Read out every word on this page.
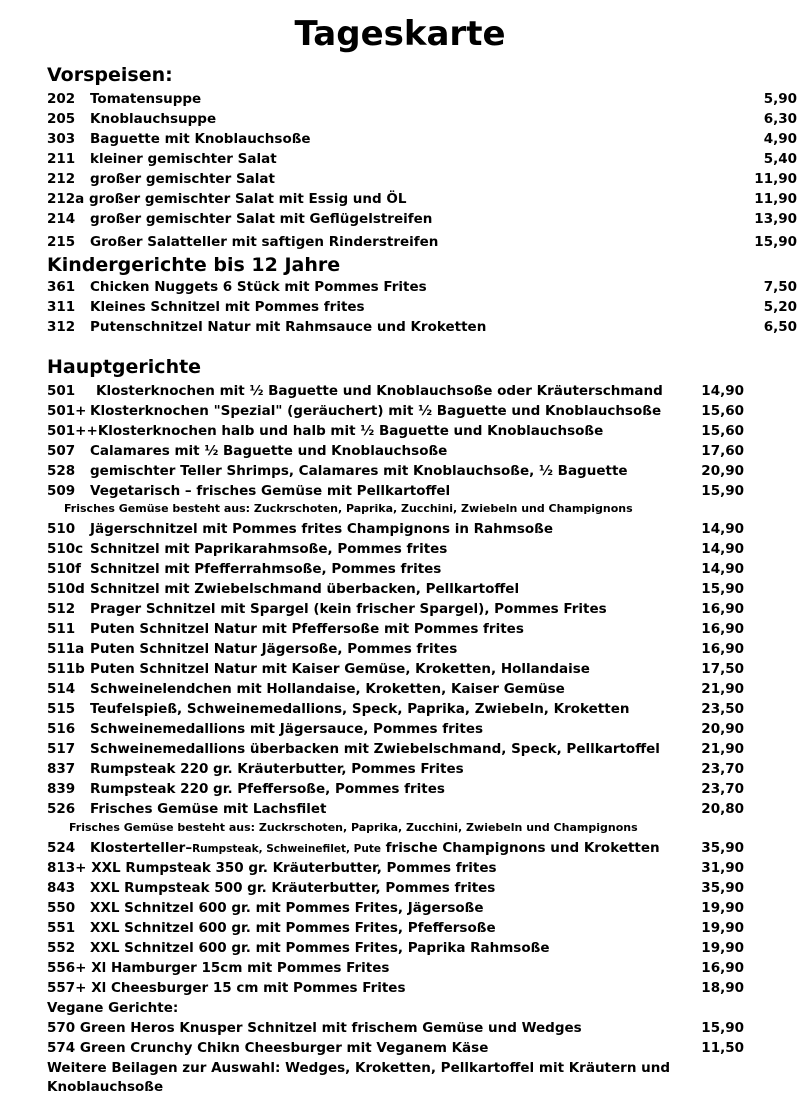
Tageskarte
Vorspeisen:
202 Tomatensuppe	5,90
205 Knoblauchsuppe	6,30
303 Baguette mit Knoblauchsoße	4,90
211 kleiner gemischter Salat	5,40
212 großer gemischter Salat	11,90
212a großer gemischter Salat mit Essig und ÖL	11,90
214 großer gemischter Salat mit Geflügelstreifen	13,90
215 Großer Salatteller mit saftigen Rinderstreifen	15,90
Kindergerichte bis 12 Jahre
361 Chicken Nuggets 6 Stück mit Pommes Frites	7,50
311 Kleines Schnitzel mit Pommes frites	5,20
312 Putenschnitzel Natur mit Rahmsauce und Kroketten	6,50
Hauptgerichte
501 Klosterknochen mit ½ Baguette und Knoblauchsoße oder Kräuterschmand	14,90
501+ Klosterknochen "Spezial" (geräuchert) mit ½ Baguette und Knoblauchsoße	15,60
501++Klosterknochen halb und halb mit ½ Baguette und Knoblauchsoße	15,60
507 Calamares mit ½ Baguette und Knoblauchsoße	17,60
528 gemischter Teller Shrimps, Calamares mit Knoblauchsoße, ½ Baguette	20,90
509 Vegetarisch – frisches Gemüse mit Pellkartoffel	15,90
Frisches Gemüse besteht aus: Zuckrschoten, Paprika, Zucchini, Zwiebeln und Champignons
510 Jägerschnitzel mit Pommes frites Champignons in Rahmsoße	14,90
510c Schnitzel mit Paprikarahmsoße, Pommes frites	14,90
510f Schnitzel mit Pfefferrahmsoße, Pommes frites	14,90
510d Schnitzel mit Zwiebelschmand überbacken, Pellkartoffel	15,90
512 Prager Schnitzel mit Spargel (kein frischer Spargel), Pommes Frites	16,90
511 Puten Schnitzel Natur mit Pfeffersoße mit Pommes frites	16,90
511a Puten Schnitzel Natur Jägersoße, Pommes frites	16,90
511b Puten Schnitzel Natur mit Kaiser Gemüse, Kroketten, Hollandaise	17,50
514 Schweinelendchen mit Hollandaise, Kroketten, Kaiser Gemüse	21,90
515 Teufelspieß, Schweinemedallions, Speck, Paprika, Zwiebeln, Kroketten	23,50
516 Schweinemedallions mit Jägersauce, Pommes frites	20,90
517 Schweinemedallions überbacken mit Zwiebelschmand, Speck, Pellkartoffel	21,90
837 Rumpsteak 220 gr. Kräuterbutter, Pommes Frites	23,70
839 Rumpsteak 220 gr. Pfeffersoße, Pommes frites	23,70
526 Frisches Gemüse mit Lachsfilet	20,80
Frisches Gemüse besteht aus: Zuckrschoten, Paprika, Zucchini, Zwiebeln und Champignons
524 Klosterteller–Rumpsteak, Schweinefilet, Pute frische Champignons und Kroketten	35,90
813+ XXL Rumpsteak 350 gr. Kräuterbutter, Pommes frites	31,90
843 XXL Rumpsteak 500 gr. Kräuterbutter, Pommes frites	35,90
550 XXL Schnitzel 600 gr. mit Pommes Frites, Jägersoße	19,90
551 XXL Schnitzel 600 gr. mit Pommes Frites, Pfeffersoße	19,90
552 XXL Schnitzel 600 gr. mit Pommes Frites, Paprika Rahmsoße	19,90
556+ Xl Hamburger 15cm mit Pommes Frites	16,90
557+ Xl Cheesburger 15 cm mit Pommes Frites	18,90
Vegane Gerichte:
570 Green Heros Knusper Schnitzel mit frischem Gemüse und Wedges	15,90
574 Green Crunchy Chikn Cheesburger mit Veganem Käse	11,50
Weitere Beilagen zur Auswahl: Wedges, Kroketten, Pellkartoffel mit Kräutern und Knoblauchsoße
